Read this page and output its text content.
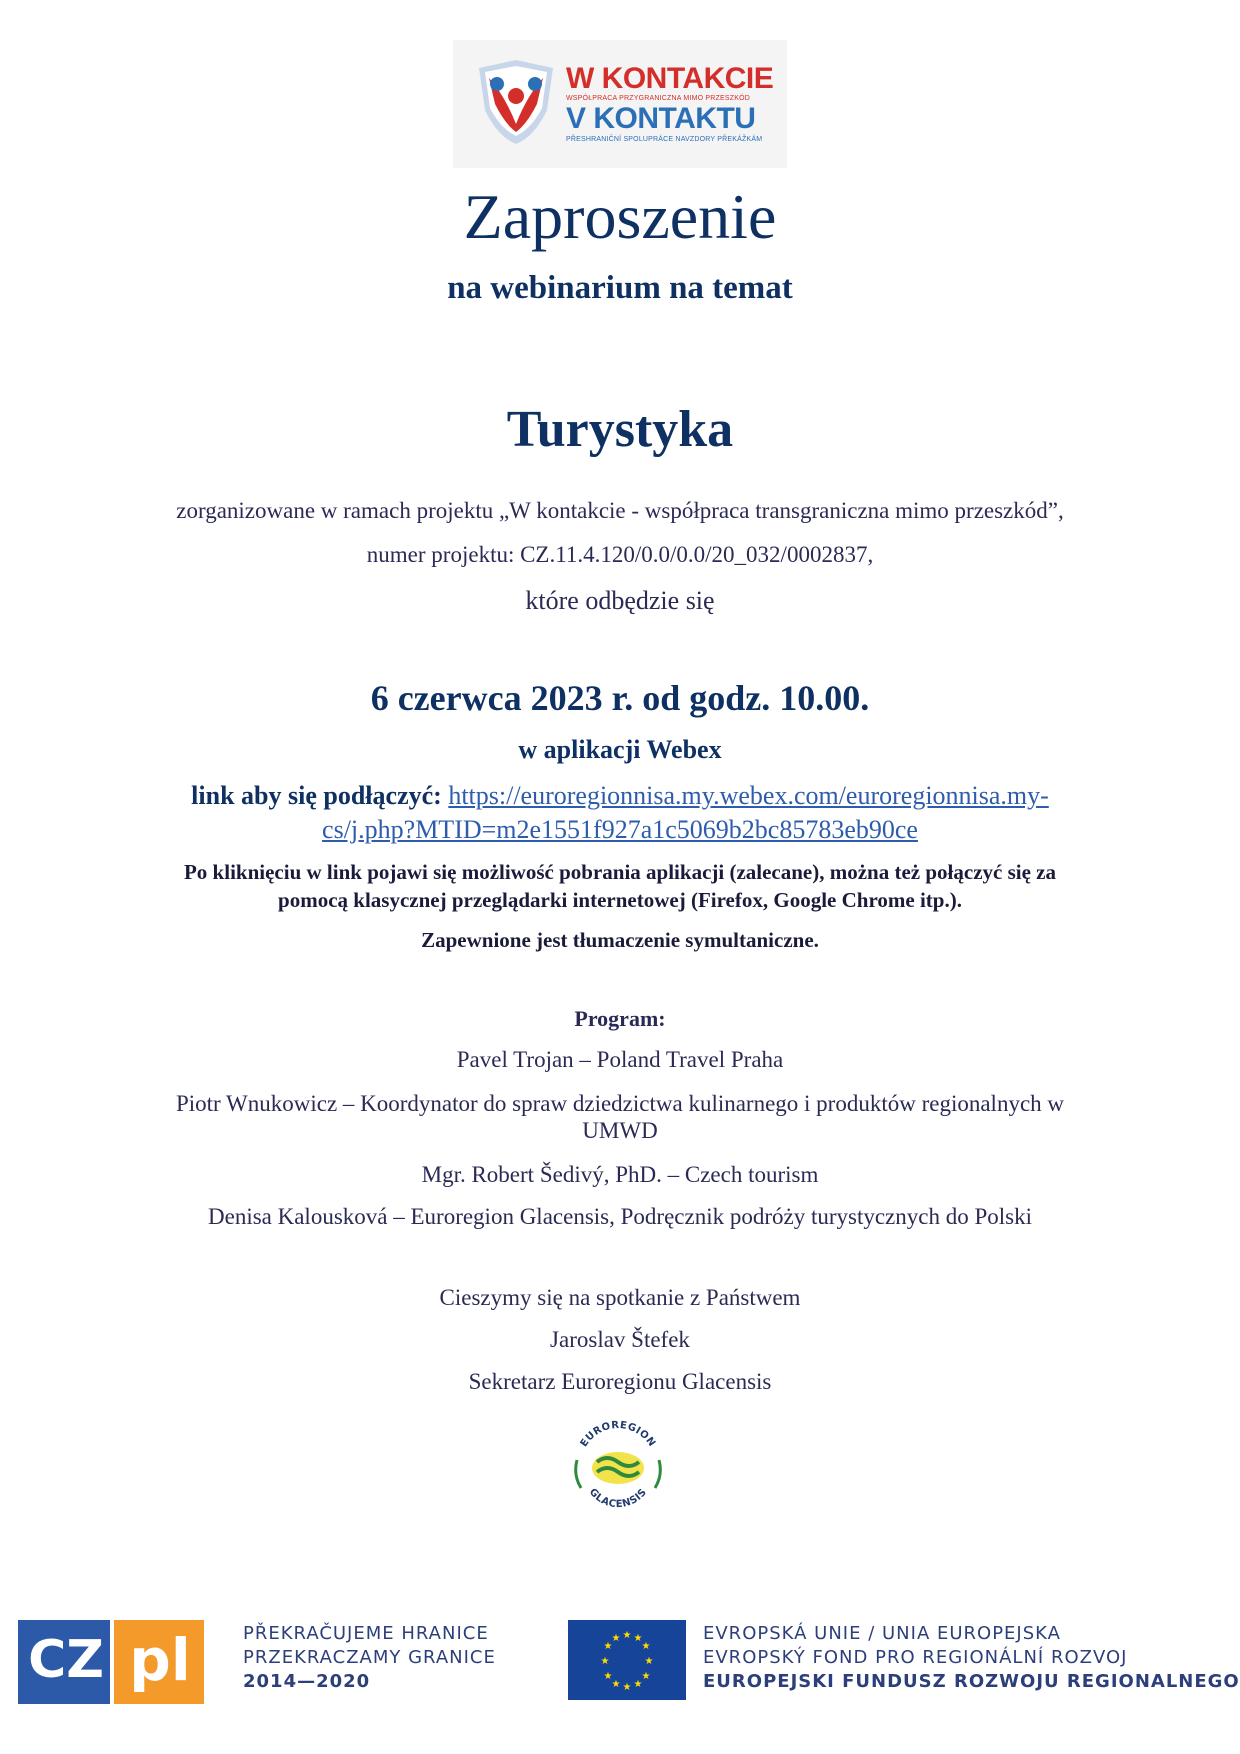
W KONTAKCIE
WSPÓŁPRACA PRZYGRANICZNA MIMO PRZESZKÓD
V KONTAKTU
PŘESHRANIČNÍ SPOLUPRÁCE NAVZDORY PŘEKÁŽKÁM
Zaproszenie
na webinarium na temat
Turystyka
zorganizowane w ramach projektu „W kontakcie - współpraca transgraniczna mimo przeszkód”,
numer projektu: CZ.11.4.120/0.0/0.0/20_032/0002837,
które odbędzie się
6 czerwca 2023 r. od godz. 10.00.
w aplikacji Webex
link aby się podłączyć: https://euroregionnisa.my.webex.com/euroregionnisa.my-
cs/j.php?MTID=m2e1551f927a1c5069b2bc85783eb90ce
Po kliknięciu w link pojawi się możliwość pobrania aplikacji (zalecane), można też połączyć się za
pomocą klasycznej przeglądarki internetowej (Firefox, Google Chrome itp.).
Zapewnione jest tłumaczenie symultaniczne.
Program:
Pavel Trojan – Poland Travel Praha
Piotr Wnukowicz – Koordynator do spraw dziedzictwa kulinarnego i produktów regionalnych w
UMWD
Mgr. Robert Šedivý, PhD. – Czech tourism
Denisa Kalousková – Euroregion Glacensis, Podręcznik podróży turystycznych do Polski
Cieszymy się na spotkanie z Państwem
Jaroslav Štefek
Sekretarz Euroregionu Glacensis
EUROREGION
GLACENSIS
CZ pl	PŘEKRAČUJEME HRANICE
PRZEKRACZAMY GRANICE
2014—2020
★ ★
★
★
★
★
★
★
★
★
★
★	EVROPSKÁ UNIE / UNIA EUROPEJSKA
EVROPSKÝ FOND PRO REGIONÁLNÍ ROZVOJ
EUROPEJSKI FUNDUSZ ROZWOJU REGIONALNEGO
